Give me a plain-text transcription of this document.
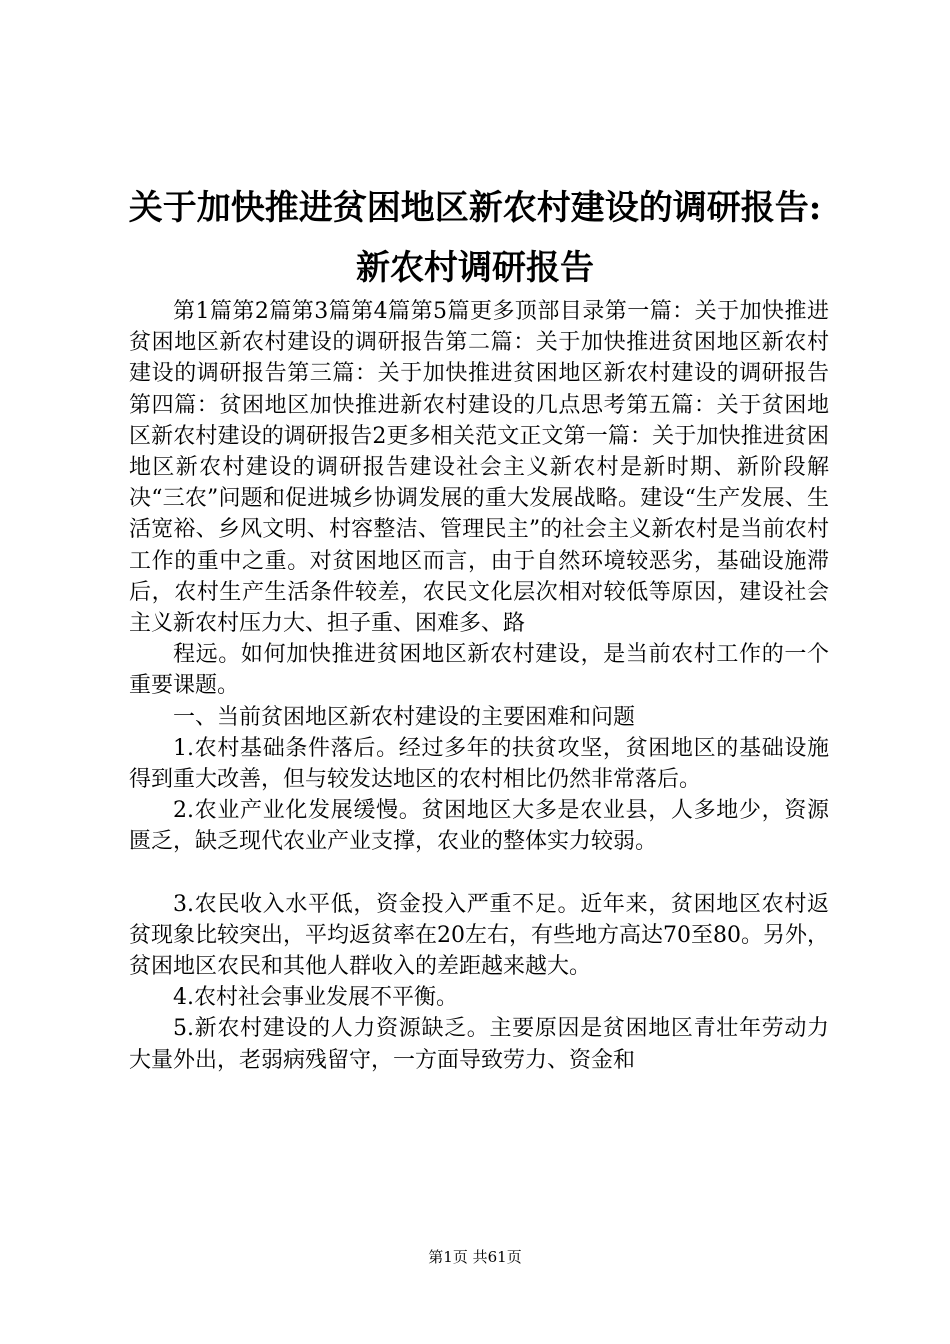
关于加快推进贫困地区新农村建设的调研报告:
新农村调研报告

第1篇第2篇第3篇第4篇第5篇更多顶部目录第一篇：关于加快推进贫困地区新农村建设的调研报告第二篇：关于加快推进贫困地区新农村建设的调研报告第三篇：关于加快推进贫困地区新农村建设的调研报告第四篇：贫困地区加快推进新农村建设的几点思考第五篇：关于贫困地区新农村建设的调研报告2更多相关范文正文第一篇：关于加快推进贫困地区新农村建设的调研报告建设社会主义新农村是新时期、新阶段解决“三农”问题和促进城乡协调发展的重大发展战略。建设“生产发展、生活宽裕、乡风文明、村容整洁、管理民主”的社会主义新农村是当前农村工作的重中之重。对贫困地区而言，由于自然环境较恶劣，基础设施滞后，农村生产生活条件较差，农民文化层次相对较低等原因，建设社会主义新农村压力大、担子重、困难多、路

程远。如何加快推进贫困地区新农村建设，是当前农村工作的一个重要课题。

一、当前贫困地区新农村建设的主要困难和问题

1.农村基础条件落后。经过多年的扶贫攻坚，贫困地区的基础设施得到重大改善，但与较发达地区的农村相比仍然非常落后。

2.农业产业化发展缓慢。贫困地区大多是农业县，人多地少，资源匮乏，缺乏现代农业产业支撑，农业的整体实力较弱。

3.农民收入水平低，资金投入严重不足。近年来，贫困地区农村返贫现象比较突出，平均返贫率在20左右，有些地方高达70至80。另外，贫困地区农民和其他人群收入的差距越来越大。

4.农村社会事业发展不平衡。

5.新农村建设的人力资源缺乏。主要原因是贫困地区青壮年劳动力大量外出，老弱病残留守，一方面导致劳力、资金和

第1页 共61页
